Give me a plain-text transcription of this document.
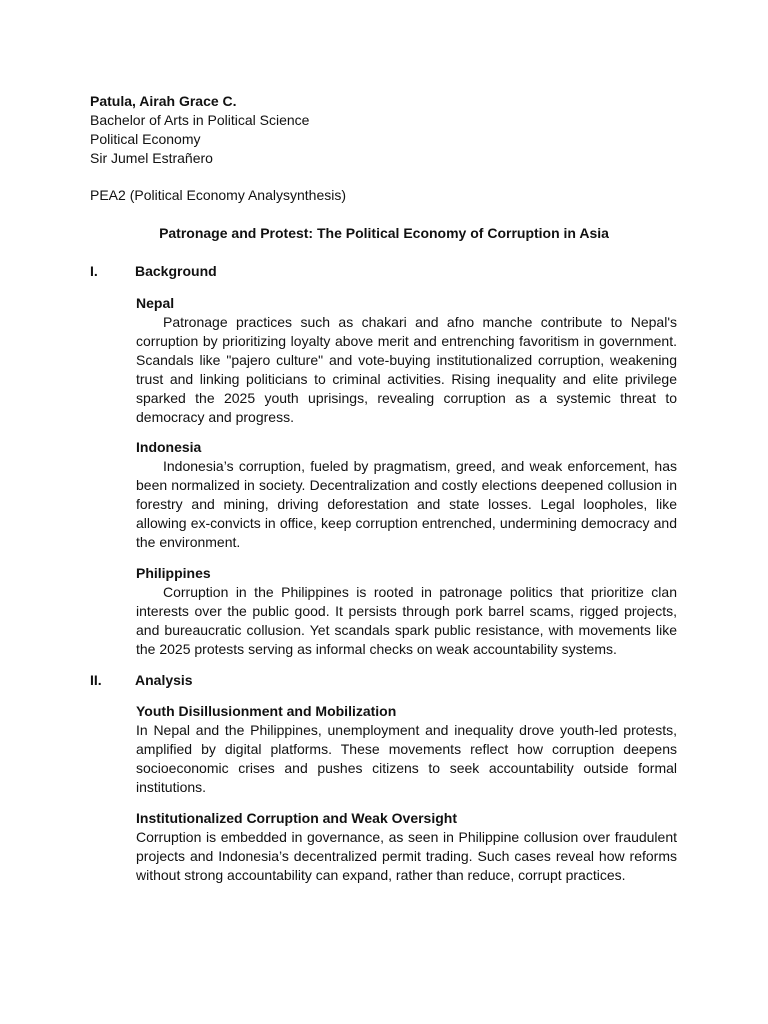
Patula, Airah Grace C.
Bachelor of Arts in Political Science
Political Economy
Sir Jumel Estrañero
PEA2 (Political Economy Analysynthesis)
Patronage and Protest: The Political Economy of Corruption in Asia
I.	Background
Nepal
Patronage practices such as chakari and afno manche contribute to Nepal's corruption by prioritizing loyalty above merit and entrenching favoritism in government. Scandals like "pajero culture" and vote-buying institutionalized corruption, weakening trust and linking politicians to criminal activities. Rising inequality and elite privilege sparked the 2025 youth uprisings, revealing corruption as a systemic threat to democracy and progress.
Indonesia
Indonesia’s corruption, fueled by pragmatism, greed, and weak enforcement, has been normalized in society. Decentralization and costly elections deepened collusion in forestry and mining, driving deforestation and state losses. Legal loopholes, like allowing ex-convicts in office, keep corruption entrenched, undermining democracy and the environment.
Philippines
Corruption in the Philippines is rooted in patronage politics that prioritize clan interests over the public good. It persists through pork barrel scams, rigged projects, and bureaucratic collusion. Yet scandals spark public resistance, with movements like the 2025 protests serving as informal checks on weak accountability systems.
II. Analysis
Youth Disillusionment and Mobilization
In Nepal and the Philippines, unemployment and inequality drove youth-led protests, amplified by digital platforms. These movements reflect how corruption deepens socioeconomic crises and pushes citizens to seek accountability outside formal institutions.
Institutionalized Corruption and Weak Oversight
Corruption is embedded in governance, as seen in Philippine collusion over fraudulent projects and Indonesia’s decentralized permit trading. Such cases reveal how reforms without strong accountability can expand, rather than reduce, corrupt practices.
